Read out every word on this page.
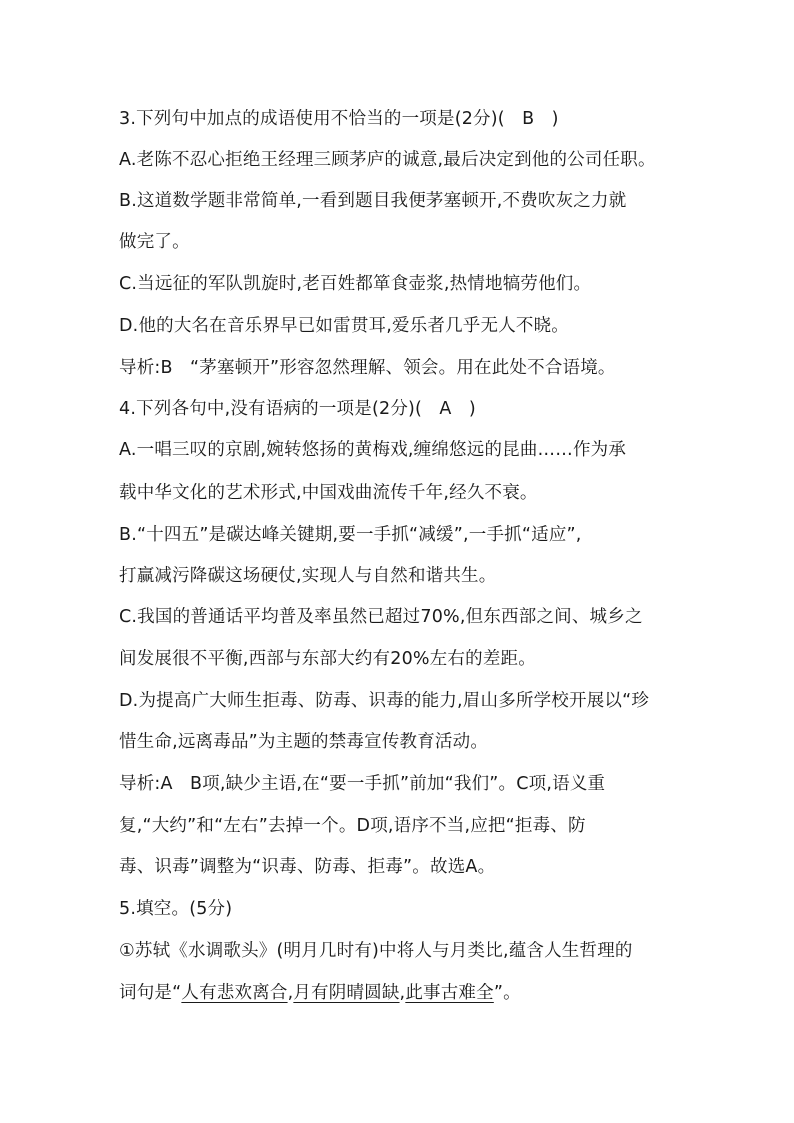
3.下列句中加点的成语使用不恰当的一项是(2分)(   B   )
A.老陈不忍心拒绝王经理三顾茅庐的诚意,最后决定到他的公司任职。
B.这道数学题非常简单,一看到题目我便茅塞顿开,不费吹灰之力就
做完了。
C.当远征的军队凯旋时,老百姓都箪食壶浆,热情地犒劳他们。
D.他的大名在音乐界早已如雷贯耳,爱乐者几乎无人不晓。
导析:B   “茅塞顿开”形容忽然理解、领会。用在此处不合语境。
4.下列各句中,没有语病的一项是(2分)(   A   )
A.一唱三叹的京剧,婉转悠扬的黄梅戏,缠绵悠远的昆曲……作为承
载中华文化的艺术形式,中国戏曲流传千年,经久不衰。
B.“十四五”是碳达峰关键期,要一手抓“减缓”,一手抓“适应”,
打赢减污降碳这场硬仗,实现人与自然和谐共生。
C.我国的普通话平均普及率虽然已超过70%,但东西部之间、城乡之
间发展很不平衡,西部与东部大约有20%左右的差距。
D.为提高广大师生拒毒、防毒、识毒的能力,眉山多所学校开展以“珍
惜生命,远离毒品”为主题的禁毒宣传教育活动。
导析:A   B项,缺少主语,在“要一手抓”前加“我们”。C项,语义重
复,“大约”和“左右”去掉一个。D项,语序不当,应把“拒毒、防
毒、识毒”调整为“识毒、防毒、拒毒”。故选A。
5.填空。(5分)
①苏轼《水调歌头》(明月几时有)中将人与月类比,蕴含人生哲理的
词句是“人有悲欢离合,月有阴晴圆缺,此事古难全”。
